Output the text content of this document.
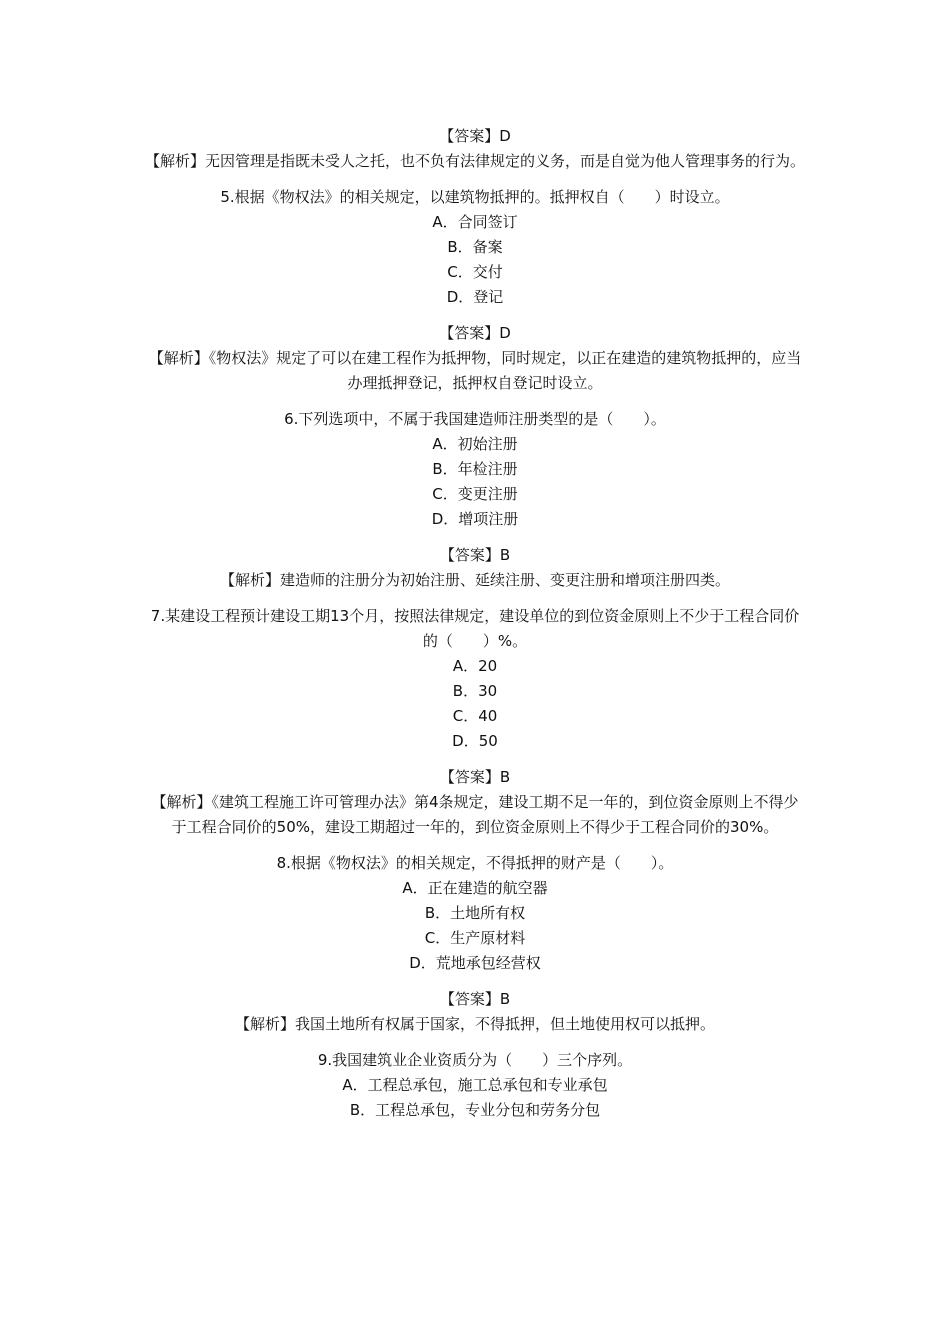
【答案】D

【解析】无因管理是指既未受人之托，也不负有法律规定的义务，而是自觉为他人管理事务的行为。

5.根据《物权法》的相关规定，以建筑物抵押的。抵押权自（　　）时设立。
A．合同签订
B．备案
C．交付
D．登记
【答案】D

【解析】《物权法》规定了可以在建工程作为抵押物，同时规定，以正在建造的建筑物抵押的，应当办理抵押登记，抵押权自登记时设立。

6.下列选项中，不属于我国建造师注册类型的是（　　）。
A．初始注册
B．年检注册
C．变更注册
D．增项注册
【答案】B

【解析】建造师的注册分为初始注册、延续注册、变更注册和增项注册四类。

7.某建设工程预计建设工期13个月，按照法律规定，建设单位的到位资金原则上不少于工程合同价的（　　）%。

A．20
B．30
C．40
D．50
【答案】B

【解析】《建筑工程施工许可管理办法》第4条规定，建设工期不足一年的，到位资金原则上不得少于工程合同价的50%，建设工期超过一年的，到位资金原则上不得少于工程合同价的30%。

8.根据《物权法》的相关规定，不得抵押的财产是（　　）。
A．正在建造的航空器
B．土地所有权
C．生产原材料
D．荒地承包经营权
【答案】B

【解析】我国土地所有权属于国家，不得抵押，但土地使用权可以抵押。

9.我国建筑业企业资质分为（　　）三个序列。
A．工程总承包，施工总承包和专业承包
B．工程总承包，专业分包和劳务分包
